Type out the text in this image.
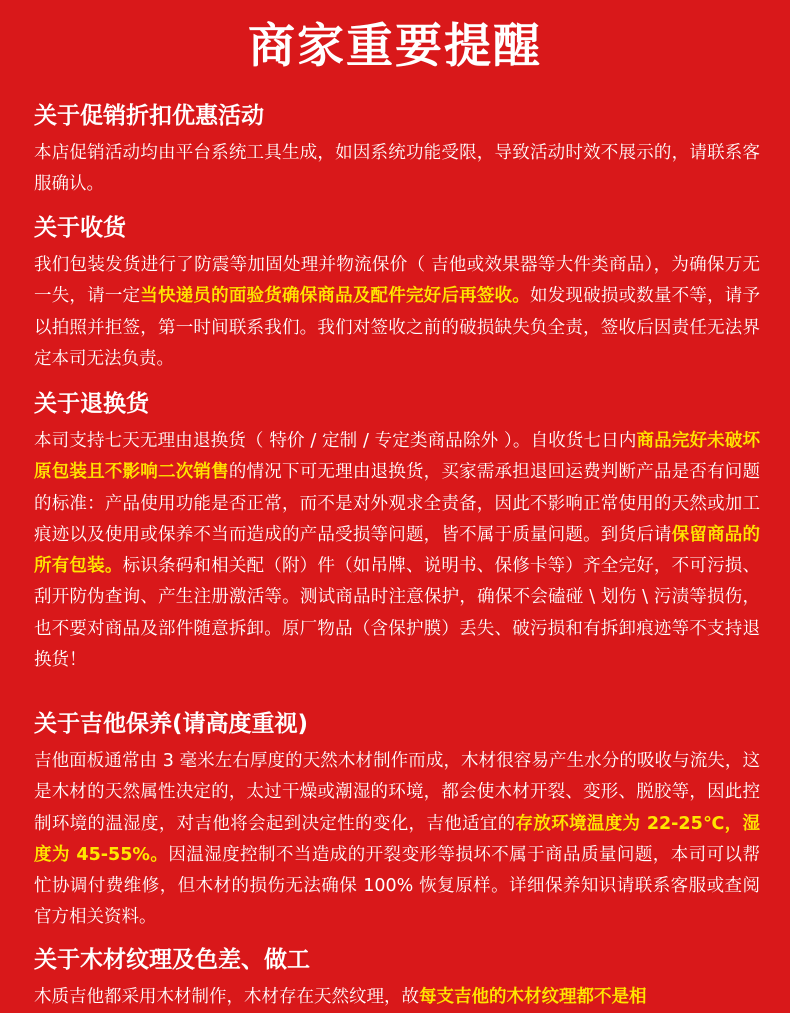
商家重要提醒
关于促销折扣优惠活动

本店促销活动均由平台系统工具生成，如因系统功能受限，导致活动时效不展示的，请联系客服确认。

关于收货

我们包装发货进行了防震等加固处理并物流保价（ 吉他或效果器等大件类商品），为确保万无一失，请一定当快递员的面验货确保商品及配件完好后再签收。如发现破损或数量不等，请予以拍照并拒签，第一时间联系我们。我们对签收之前的破损缺失负全责，签收后因责任无法界定本司无法负责。

关于退换货

本司支持七天无理由退换货（ 特价 / 定制 / 专定类商品除外 ）。自收货七日内商品完好未破坏原包装且不影响二次销售的情况下可无理由退换货，买家需承担退回运费判断产品是否有问题的标准：产品使用功能是否正常，而不是对外观求全责备，因此不影响正常使用的天然或加工痕迹以及使用或保养不当而造成的产品受损等问题，皆不属于质量问题。到货后请保留商品的所有包装。标识条码和相关配（附）件（如吊牌、说明书、保修卡等）齐全完好，不可污损、刮开防伪查询、产生注册激活等。测试商品时注意保护，确保不会磕碰 \ 划伤 \ 污渍等损伤，也不要对商品及部件随意拆卸。原厂物品（含保护膜）丢失、破污损和有拆卸痕迹等不支持退换货！

关于吉他保养(请高度重视)

吉他面板通常由 3 毫米左右厚度的天然木材制作而成，木材很容易产生水分的吸收与流失，这是木材的天然属性决定的，太过干燥或潮湿的环境，都会使木材开裂、变形、脱胶等，因此控制环境的温湿度，对吉他将会起到决定性的变化，吉他适宜的存放环境温度为 22-25℃，湿度为 45-55%。因温湿度控制不当造成的开裂变形等损坏不属于商品质量问题，本司可以帮忙协调付费维修，但木材的损伤无法确保 100% 恢复原样。详细保养知识请联系客服或查阅官方相关资料。

关于木材纹理及色差、做工

木质吉他都采用木材制作，木材存在天然纹理，故每支吉他的木材纹理都不是相
